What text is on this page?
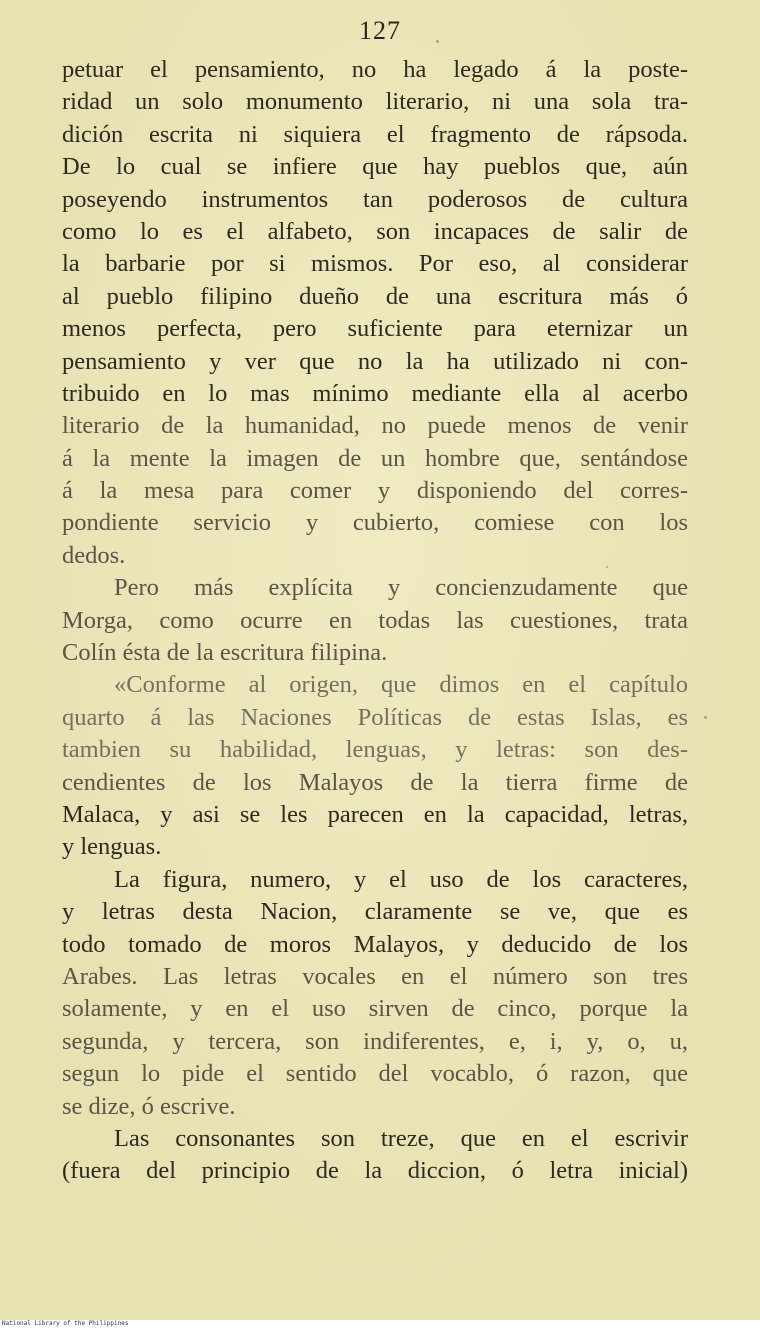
127
petuar el pensamiento, no ha legado á la poste-
ridad un solo monumento literario, ni una sola tra-
dición escrita ni siquiera el fragmento de rápsoda.
De lo cual se infiere que hay pueblos que, aún
poseyendo instrumentos tan poderosos de cultura
como lo es el alfabeto, son incapaces de salir de
la barbarie por si mismos. Por eso, al considerar
al pueblo filipino dueño de una escritura más ó
menos perfecta, pero suficiente para eternizar un
pensamiento y ver que no la ha utilizado ni con-
tribuido en lo mas mínimo mediante ella al acerbo
literario de la humanidad, no puede menos de venir
á la mente la imagen de un hombre que, sentándose
á la mesa para comer y disponiendo del corres-
pondiente servicio y cubierto, comiese con los
dedos.
Pero más explícita y concienzudamente que
Morga, como ocurre en todas las cuestiones, trata
Colín ésta de la escritura filipina.
«Conforme al origen, que dimos en el capítulo
quarto á las Naciones Políticas de estas Islas, es
tambien su habilidad, lenguas, y letras: son des-
cendientes de los Malayos de la tierra firme de
Malaca, y asi se les parecen en la capacidad, letras,
y lenguas.
La figura, numero, y el uso de los caracteres,
y letras desta Nacion, claramente se ve, que es
todo tomado de moros Malayos, y deducido de los
Arabes. Las letras vocales en el número son tres
solamente, y en el uso sirven de cinco, porque la
segunda, y tercera, son indiferentes, e, i, y, o, u,
segun lo pide el sentido del vocablo, ó razon, que
se dize, ó escrive.
Las consonantes son treze, que en el escrivir
(fuera del principio de la diccion, ó letra inicial)
National Library of the Philippines
